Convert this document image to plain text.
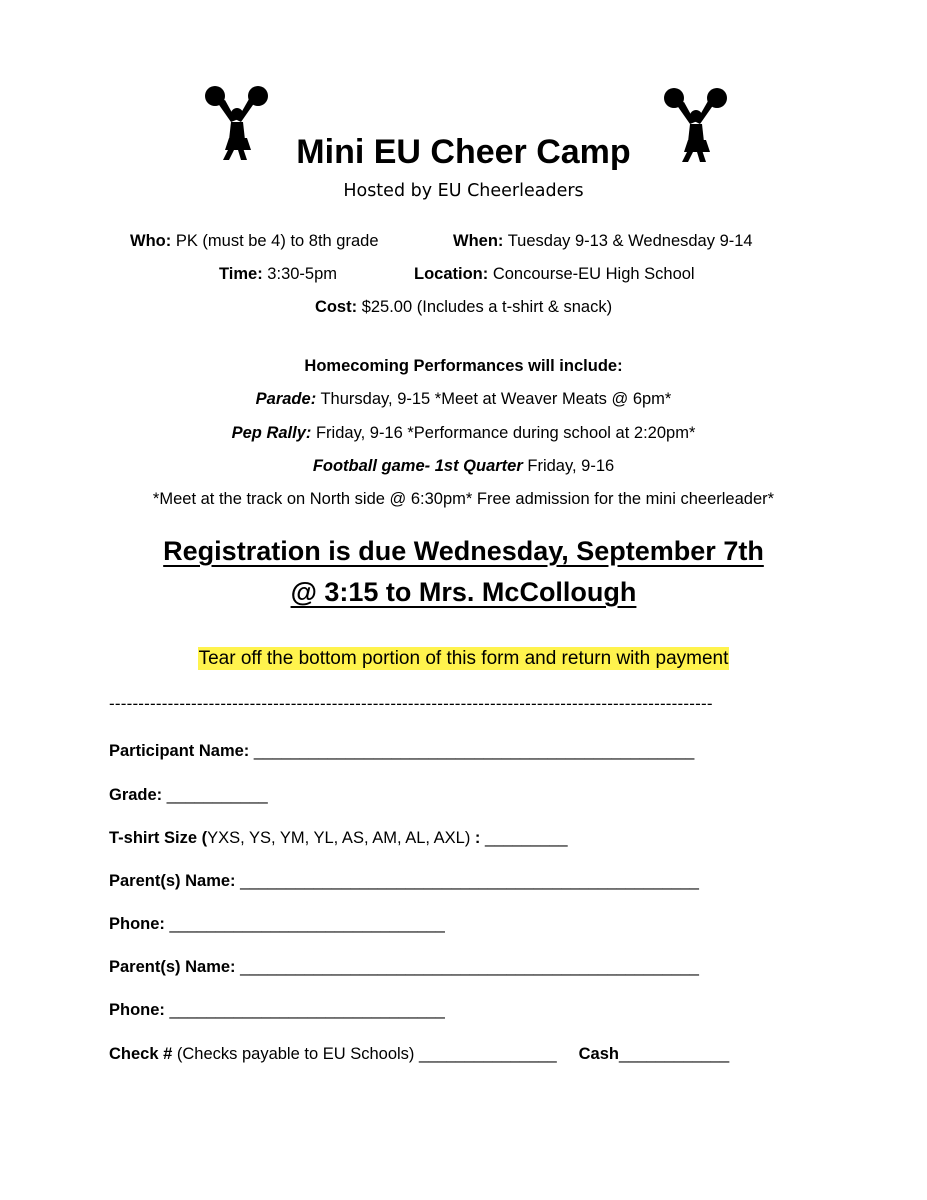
Mini EU Cheer Camp
Hosted by EU Cheerleaders
Who: PK (must be 4) to 8th grade	When: Tuesday 9-13 & Wednesday 9-14
Time: 3:30-5pm	Location: Concourse-EU High School
Cost: $25.00 (Includes a t-shirt & snack)
Homecoming Performances will include:
Parade: Thursday, 9-15 *Meet at Weaver Meats @ 6pm*
Pep Rally: Friday, 9-16 *Performance during school at 2:20pm*
Football game- 1st Quarter Friday, 9-16
*Meet at the track on North side @ 6:30pm* Free admission for the mini cheerleader*
Registration is due Wednesday, September 7th
@ 3:15 to Mrs. McCollough
Tear off the bottom portion of this form and return with payment
-------------------------------------------------------------------------------------------------------
Participant Name: ________________________________________________
Grade: ___________
T-shirt Size (YXS, YS, YM, YL, AS, AM, AL, AXL) : _________
Parent(s) Name: __________________________________________________
Phone: ______________________________
Parent(s) Name: __________________________________________________
Phone: ______________________________
Check # (Checks payable to EU Schools) _______________ Cash____________
